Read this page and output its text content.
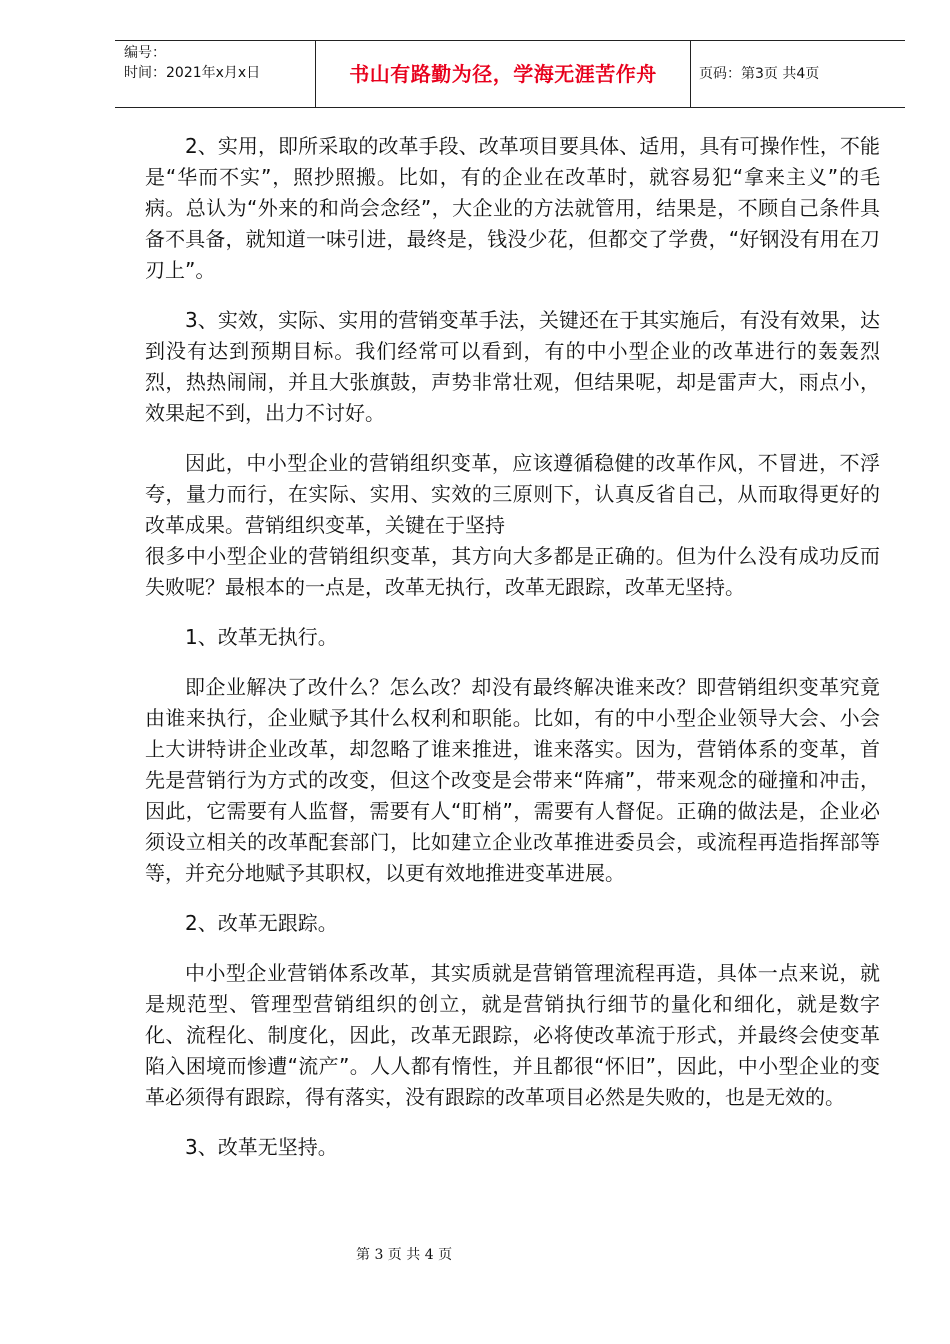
编号：
时间：2021年x月x日	书山有路勤为径，学海无涯苦作舟	页码：第3页 共4页

2、实用，即所采取的改革手段、改革项目要具体、适用，具有可操作性，不能是“华而不实”，照抄照搬。比如，有的企业在改革时，就容易犯“拿来主义”的毛病。总认为“外来的和尚会念经”，大企业的方法就管用，结果是，不顾自己条件具备不具备，就知道一味引进，最终是，钱没少花，但都交了学费，“好钢没有用在刀刃上”。

3、实效，实际、实用的营销变革手法，关键还在于其实施后，有没有效果，达到没有达到预期目标。我们经常可以看到，有的中小型企业的改革进行的轰轰烈烈，热热闹闹，并且大张旗鼓，声势非常壮观，但结果呢，却是雷声大，雨点小，效果起不到，出力不讨好。

因此，中小型企业的营销组织变革，应该遵循稳健的改革作风，不冒进，不浮夸，量力而行，在实际、实用、实效的三原则下，认真反省自己，从而取得更好的改革成果。营销组织变革，关键在于坚持

很多中小型企业的营销组织变革，其方向大多都是正确的。但为什么没有成功反而失败呢？最根本的一点是，改革无执行，改革无跟踪，改革无坚持。

1、改革无执行。

即企业解决了改什么？怎么改？却没有最终解决谁来改？即营销组织变革究竟由谁来执行，企业赋予其什么权利和职能。比如，有的中小型企业领导大会、小会上大讲特讲企业改革，却忽略了谁来推进，谁来落实。因为，营销体系的变革，首先是营销行为方式的改变，但这个改变是会带来“阵痛”，带来观念的碰撞和冲击，因此，它需要有人监督，需要有人“盯梢”，需要有人督促。正确的做法是，企业必须设立相关的改革配套部门，比如建立企业改革推进委员会，或流程再造指挥部等等，并充分地赋予其职权，以更有效地推进变革进展。

2、改革无跟踪。

中小型企业营销体系改革，其实质就是营销管理流程再造，具体一点来说，就是规范型、管理型营销组织的创立，就是营销执行细节的量化和细化，就是数字化、流程化、制度化，因此，改革无跟踪，必将使改革流于形式，并最终会使变革陷入困境而惨遭“流产”。人人都有惰性，并且都很“怀旧”，因此，中小型企业的变革必须得有跟踪，得有落实，没有跟踪的改革项目必然是失败的，也是无效的。

3、改革无坚持。

第 3 页 共 4 页
